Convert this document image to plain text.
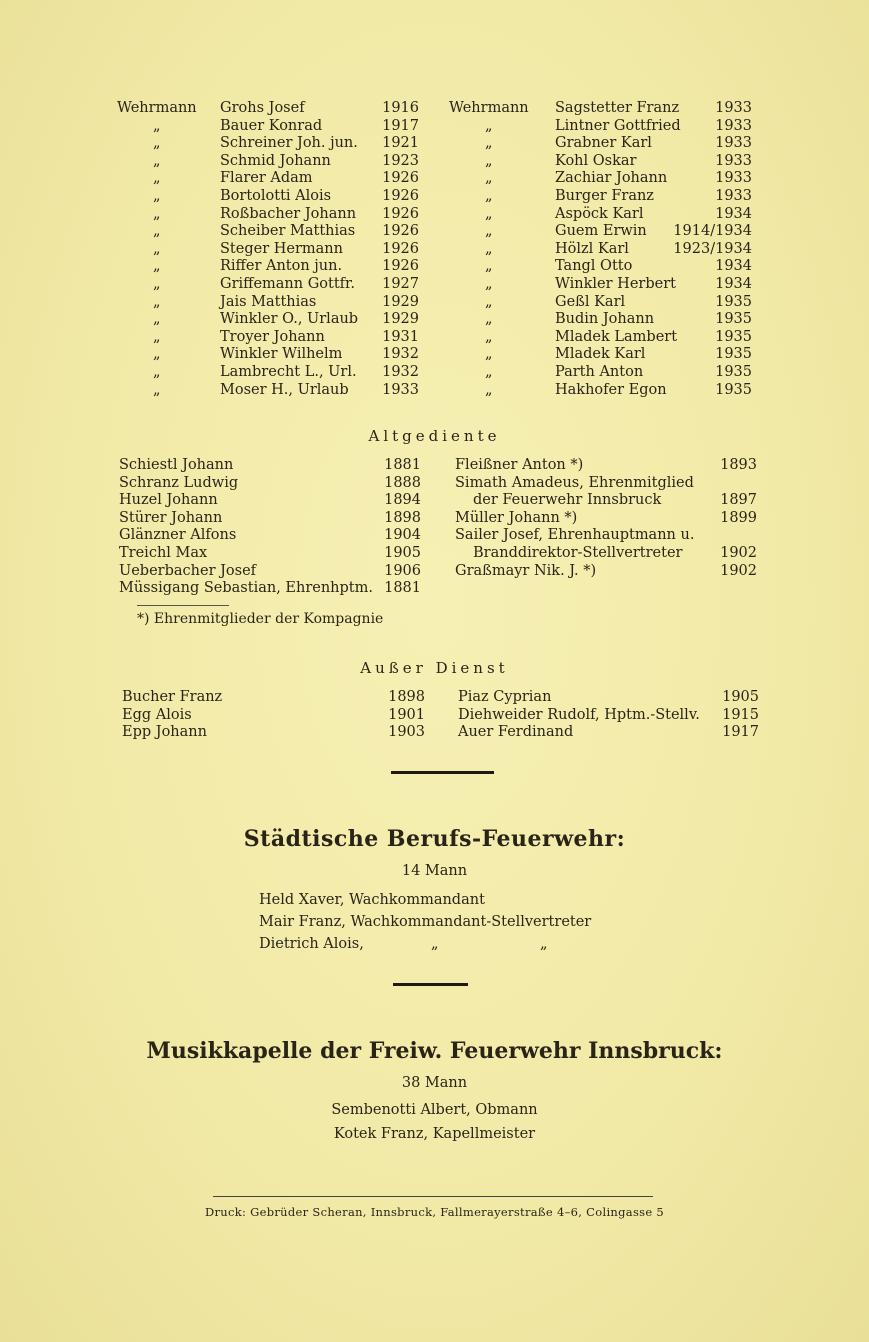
Wehrmann Grohs Josef	1916
„	Bauer Konrad	1917
„	Schreiner Joh. jun.	1921
„	Schmid Johann	1923
„	Flarer Adam	1926
„	Bortolotti Alois	1926
„	Roßbacher Johann	1926
„	Scheiber Matthias	1926
„	Steger Hermann	1926
„	Riffer Anton jun.	1926
„	Griffemann Gottfr.	1927
„	Jais Matthias	1929
„	Winkler O., Urlaub	1929
„	Troyer Johann	1931
„	Winkler Wilhelm	1932
„	Lambrecht L., Url.	1932
„	Moser H., Urlaub	1933
Wehrmann Sagstetter Franz	1933
„	Lintner Gottfried	1933
„	Grabner Karl	1933
„	Kohl Oskar	1933
„	Zachiar Johann	1933
„	Burger Franz	1933
„	Aspöck Karl	1934
„	Guem Erwin	1914/1934
„	Hölzl Karl	1923/1934
„	Tangl Otto	1934
„	Winkler Herbert	1934
„	Geßl Karl	1935
„	Budin Johann	1935
„	Mladek Lambert	1935
„	Mladek Karl	1935
„	Parth Anton	1935
„	Hakhofer Egon	1935
Altgediente
Schiestl Johann	1881
Schranz Ludwig	1888
Huzel Johann	1894
Stürer Johann	1898
Glänzner Alfons	1904
Treichl Max	1905
Ueberbacher Josef	1906
Müssigang Sebastian, Ehrenhptm. 1881
Fleißner Anton *)	1893
Simath Amadeus, Ehrenmitglied
der Feuerwehr Innsbruck	1897
Müller Johann *)	1899
Sailer Josef, Ehrenhauptmann u.
Branddirektor-Stellvertreter	1902
Graßmayr Nik. J. *)	1902
*) Ehrenmitglieder der Kompagnie
Außer Dienst
Bucher Franz	1898
Egg Alois	1901
Epp Johann	1903
Piaz Cyprian	1905
Diehweider Rudolf, Hptm.-Stellv. 1915
Auer Ferdinand	1917
Städtische Berufs-Feuerwehr:
14 Mann
Held Xaver, Wachkommandant
Mair Franz, Wachkommandant-Stellvertreter
Dietrich Alois,	„	„
Musikkapelle der Freiw. Feuerwehr Innsbruck:
38 Mann
Sembenotti Albert, Obmann
Kotek Franz, Kapellmeister
Druck: Gebrüder Scheran, Innsbruck, Fallmerayerstraße 4–6, Colingasse 5
